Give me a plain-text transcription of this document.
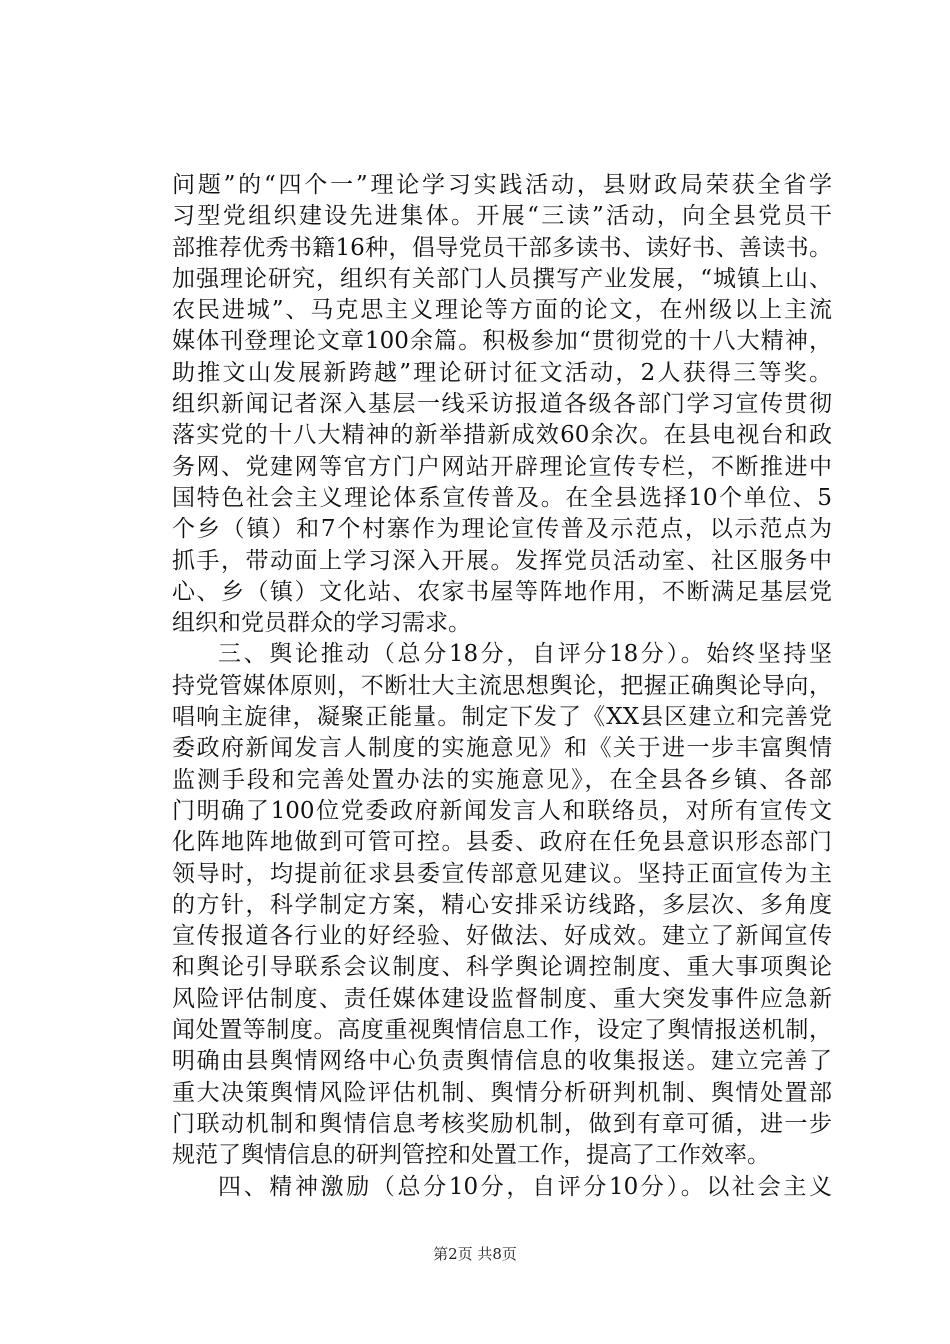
问题”的“四个一”理论学习实践活动，县财政局荣获全省学
习型党组织建设先进集体。开展“三读”活动，向全县党员干
部推荐优秀书籍16种，倡导党员干部多读书、读好书、善读书。
加强理论研究，组织有关部门人员撰写产业发展，“城镇上山、
农民进城”、马克思主义理论等方面的论文，在州级以上主流
媒体刊登理论文章100余篇。积极参加“贯彻党的十八大精神，
助推文山发展新跨越”理论研讨征文活动，2人获得三等奖。
组织新闻记者深入基层一线采访报道各级各部门学习宣传贯彻
落实党的十八大精神的新举措新成效60余次。在县电视台和政
务网、党建网等官方门户网站开辟理论宣传专栏，不断推进中
国特色社会主义理论体系宣传普及。在全县选择10个单位、5
个乡（镇）和7个村寨作为理论宣传普及示范点，以示范点为
抓手，带动面上学习深入开展。发挥党员活动室、社区服务中
心、乡（镇）文化站、农家书屋等阵地作用，不断满足基层党
组织和党员群众的学习需求。
三、舆论推动（总分18分，自评分18分）。始终坚持坚
持党管媒体原则，不断壮大主流思想舆论，把握正确舆论导向，
唱响主旋律，凝聚正能量。制定下发了《XX县区建立和完善党
委政府新闻发言人制度的实施意见》和《关于进一步丰富舆情
监测手段和完善处置办法的实施意见》，在全县各乡镇、各部
门明确了100位党委政府新闻发言人和联络员，对所有宣传文
化阵地阵地做到可管可控。县委、政府在任免县意识形态部门
领导时，均提前征求县委宣传部意见建议。坚持正面宣传为主
的方针，科学制定方案，精心安排采访线路，多层次、多角度
宣传报道各行业的好经验、好做法、好成效。建立了新闻宣传
和舆论引导联系会议制度、科学舆论调控制度、重大事项舆论
风险评估制度、责任媒体建设监督制度、重大突发事件应急新
闻处置等制度。高度重视舆情信息工作，设定了舆情报送机制，
明确由县舆情网络中心负责舆情信息的收集报送。建立完善了
重大决策舆情风险评估机制、舆情分析研判机制、舆情处置部
门联动机制和舆情信息考核奖励机制，做到有章可循，进一步
规范了舆情信息的研判管控和处置工作，提高了工作效率。
四、精神激励（总分10分，自评分10分）。以社会主义
第2页 共8页
